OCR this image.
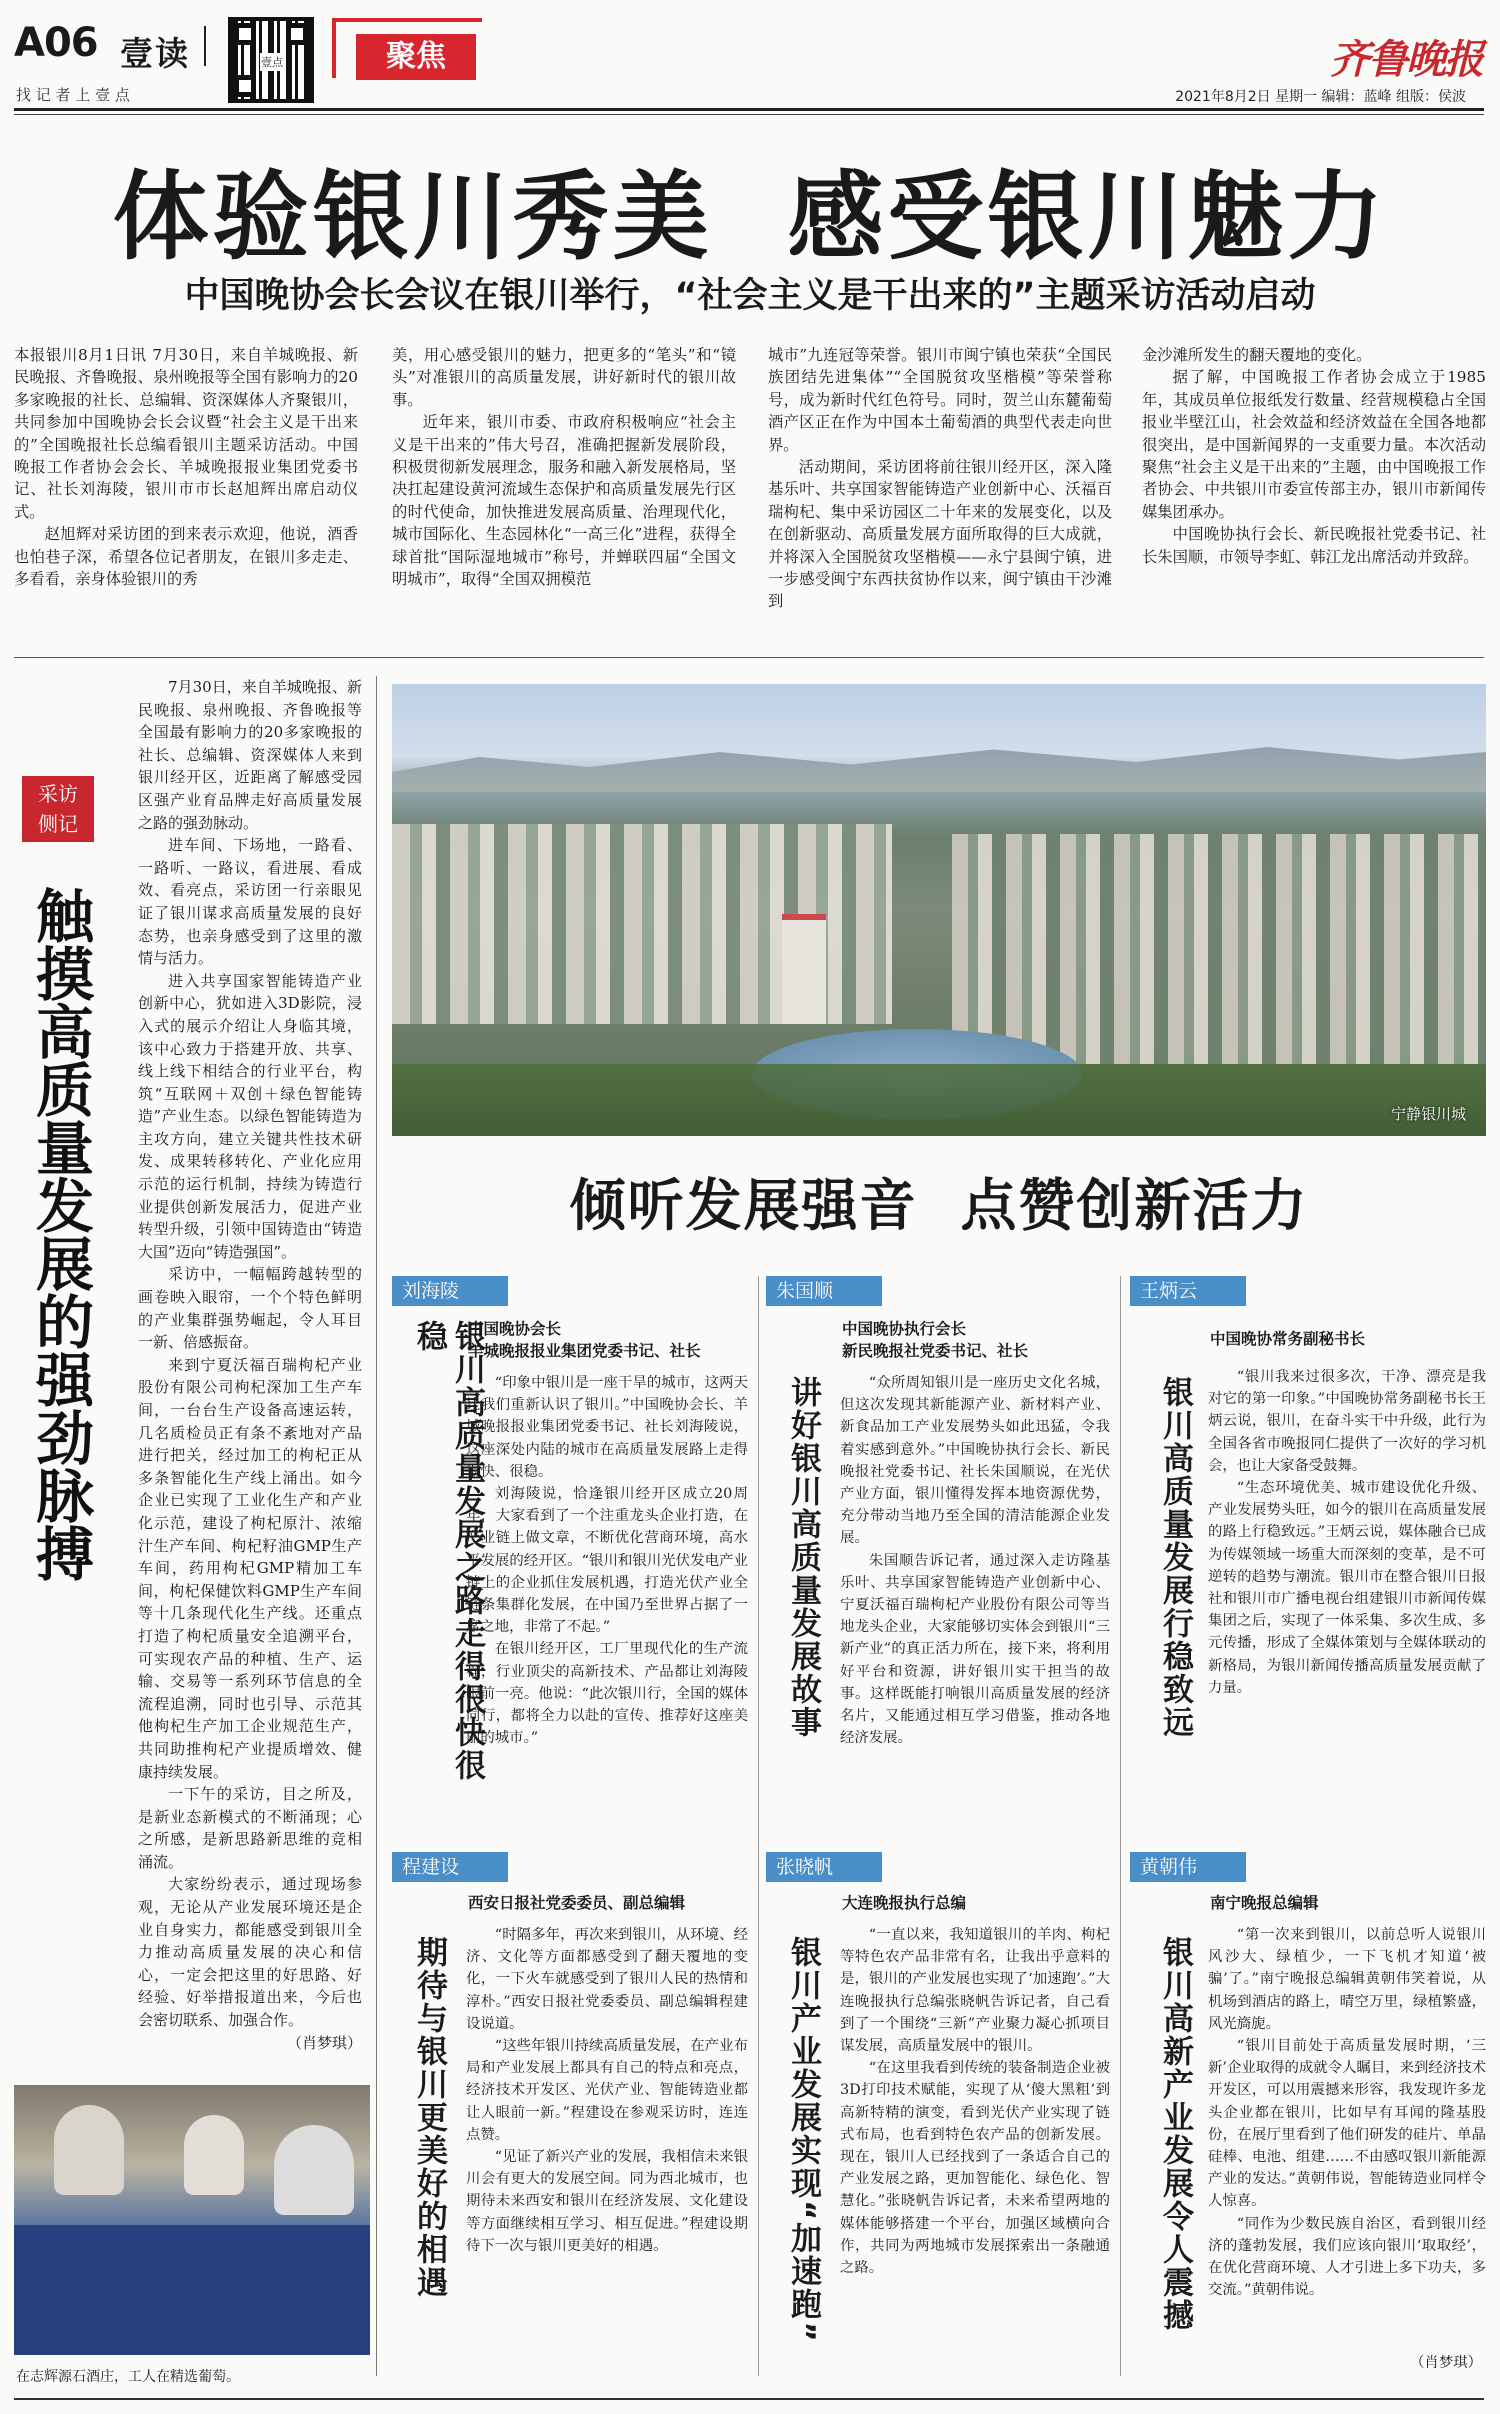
A06 壹读	壹点	聚焦
找 记 者 上 壹 点
齐鲁晚报
2021年8月2日 星期一 编辑：蓝峰 组版：侯波
体验银川秀美  感受银川魅力
中国晚协会长会议在银川举行，“社会主义是干出来的”主题采访活动启动

本报银川8月1日讯 7月30日，来自羊城晚报、新民晚报、齐鲁晚报、泉州晚报等全国有影响力的20多家晚报的社长、总编辑、资深媒体人齐聚银川，共同参加中国晚协会长会议暨“社会主义是干出来的”全国晚报社长总编看银川主题采访活动。中国晚报工作者协会会长、羊城晚报报业集团党委书记、社长刘海陵，银川市市长赵旭辉出席启动仪式。

赵旭辉对采访团的到来表示欢迎，他说，酒香也怕巷子深，希望各位记者朋友，在银川多走走、多看看，亲身体验银川的秀

美，用心感受银川的魅力，把更多的“笔头”和“镜头”对准银川的高质量发展，讲好新时代的银川故事。

近年来，银川市委、市政府积极响应“社会主义是干出来的”伟大号召，准确把握新发展阶段，积极贯彻新发展理念，服务和融入新发展格局，坚决扛起建设黄河流域生态保护和高质量发展先行区的时代使命，加快推进发展高质量、治理现代化，城市国际化、生态园林化“一高三化”进程，获得全球首批“国际湿地城市”称号，并蝉联四届“全国文明城市”，取得“全国双拥模范

城市”九连冠等荣誉。银川市闽宁镇也荣获“全国民族团结先进集体”“全国脱贫攻坚楷模”等荣誉称号，成为新时代红色符号。同时，贺兰山东麓葡萄酒产区正在作为中国本土葡萄酒的典型代表走向世界。

活动期间，采访团将前往银川经开区，深入隆基乐叶、共享国家智能铸造产业创新中心、沃福百瑞枸杞、集中采访园区二十年来的发展变化，以及在创新驱动、高质量发展方面所取得的巨大成就，并将深入全国脱贫攻坚楷模——永宁县闽宁镇，进一步感受闽宁东西扶贫协作以来，闽宁镇由干沙滩到

金沙滩所发生的翻天覆地的变化。

据了解，中国晚报工作者协会成立于1985年，其成员单位报纸发行数量、经营规模稳占全国报业半壁江山，社会效益和经济效益在全国各地都很突出，是中国新闻界的一支重要力量。本次活动聚焦“社会主义是干出来的”主题，由中国晚报工作者协会、中共银川市委宣传部主办，银川市新闻传媒集团承办。

中国晚协执行会长、新民晚报社党委书记、社长朱国顺，市领导李虹、韩江龙出席活动并致辞。

采访侧记
触摸高质量发展的强劲脉搏

7月30日，来自羊城晚报、新民晚报、泉州晚报、齐鲁晚报等全国最有影响力的20多家晚报的社长、总编辑、资深媒体人来到银川经开区，近距离了解感受园区强产业育品牌走好高质量发展之路的强劲脉动。

进车间、下场地，一路看、一路听、一路议，看进展、看成效、看亮点，采访团一行亲眼见证了银川谋求高质量发展的良好态势，也亲身感受到了这里的激情与活力。

进入共享国家智能铸造产业创新中心，犹如进入3D影院，浸入式的展示介绍让人身临其境，该中心致力于搭建开放、共享、线上线下相结合的行业平台，构筑“互联网＋双创＋绿色智能铸造”产业生态。以绿色智能铸造为主攻方向，建立关键共性技术研发、成果转移转化、产业化应用示范的运行机制，持续为铸造行业提供创新发展活力，促进产业转型升级，引领中国铸造由“铸造大国”迈向“铸造强国”。

采访中，一幅幅跨越转型的画卷映入眼帘，一个个特色鲜明的产业集群强势崛起，令人耳目一新、倍感振奋。

来到宁夏沃福百瑞枸杞产业股份有限公司枸杞深加工生产车间，一台台生产设备高速运转，几名质检员正有条不紊地对产品进行把关，经过加工的枸杞正从多条智能化生产线上涌出。如今企业已实现了工业化生产和产业化示范，建设了枸杞原汁、浓缩汁生产车间、枸杞籽油GMP生产车间，药用枸杞GMP精加工车间，枸杞保健饮料GMP生产车间等十几条现代化生产线。还重点打造了枸杞质量安全追溯平台，可实现农产品的种植、生产、运输、交易等一系列环节信息的全流程追溯，同时也引导、示范其他枸杞生产加工企业规范生产，共同助推枸杞产业提质增效、健康持续发展。

一下午的采访，目之所及，是新业态新模式的不断涌现；心之所感，是新思路新思维的竞相涌流。

大家纷纷表示，通过现场参观，无论从产业发展环境还是企业自身实力，都能感受到银川全力推动高质量发展的决心和信心，一定会把这里的好思路、好经验、好举措报道出来，今后也会密切联系、加强合作。

（肖梦琪）

在志辉源石酒庄，工人在精选葡萄。
宁静银川城
倾听发展强音  点赞创新活力
刘海陵
中国晚协会长
羊城晚报报业集团党委书记、社长
银川高质量发展之路走得很快很稳

“印象中银川是一座干旱的城市，这两天让我们重新认识了银川。”中国晚协会长、羊城晚报报业集团党委书记、社长刘海陵说，这座深处内陆的城市在高质量发展路上走得很快、很稳。

刘海陵说，恰逢银川经开区成立20周年，大家看到了一个注重龙头企业打造，在产业链上做文章，不断优化营商环境，高水平发展的经开区。“银川和银川光伏发电产业链上的企业抓住发展机遇，打造光伏产业全链条集群化发展，在中国乃至世界占据了一席之地，非常了不起。”

在银川经开区，工厂里现代化的生产流程，行业顶尖的高新技术、产品都让刘海陵眼前一亮。他说：“此次银川行，全国的媒体同行，都将全力以赴的宣传、推荐好这座美丽的城市。”

朱国顺
中国晚协执行会长
新民晚报社党委书记、社长
讲好银川高质量发展故事	“众所周知银川是一座历史文化名城，但这次发现其新能源产业、新材料产业、新食品加工产业发展势头如此迅猛，令我着实感到意外。”中国晚协执行会长、新民晚报社党委书记、社长朱国顺说，在光伏产业方面，银川懂得发挥本地资源优势，充分带动当地乃至全国的清洁能源企业发展。

朱国顺告诉记者，通过深入走访隆基乐叶、共享国家智能铸造产业创新中心、宁夏沃福百瑞枸杞产业股份有限公司等当地龙头企业，大家能够切实体会到银川“三新产业”的真正活力所在，接下来，将利用好平台和资源，讲好银川实干担当的故事。这样既能打响银川高质量发展的经济名片，又能通过相互学习借鉴，推动各地经济发展。

王炳云
中国晚协常务副秘书长
银川高质量发展行稳致远	“银川我来过很多次，干净、漂亮是我对它的第一印象。”中国晚协常务副秘书长王炳云说，银川，在奋斗实干中升级，此行为全国各省市晚报同仁提供了一次好的学习机会，也让大家备受鼓舞。

“生态环境优美、城市建设优化升级、产业发展势头旺，如今的银川在高质量发展的路上行稳致远。”王炳云说，媒体融合已成为传媒领域一场重大而深刻的变革，是不可逆转的趋势与潮流。银川市在整合银川日报社和银川市广播电视台组建银川市新闻传媒集团之后，实现了一体采集、多次生成、多元传播，形成了全媒体策划与全媒体联动的新格局，为银川新闻传播高质量发展贡献了力量。

程建设
西安日报社党委委员、副总编辑
期待与银川更美好的相遇

“时隔多年，再次来到银川，从环境、经济、文化等方面都感受到了翻天覆地的变化，一下火车就感受到了银川人民的热情和淳朴。”西安日报社党委委员、副总编辑程建设说道。

“这些年银川持续高质量发展，在产业布局和产业发展上都具有自己的特点和亮点，经济技术开发区、光伏产业、智能铸造业都让人眼前一新。”程建设在参观采访时，连连点赞。

“见证了新兴产业的发展，我相信未来银川会有更大的发展空间。同为西北城市，也期待未来西安和银川在经济发展、文化建设等方面继续相互学习、相互促进。”程建设期待下一次与银川更美好的相遇。

张晓帆
大连晚报执行总编
银川产业发展实现“加速跑”

“一直以来，我知道银川的羊肉、枸杞等特色农产品非常有名，让我出乎意料的是，银川的产业发展也实现了‘加速跑’。”大连晚报执行总编张晓帆告诉记者，自己看到了一个围绕“三新”产业聚力凝心抓项目谋发展，高质量发展中的银川。

“在这里我看到传统的装备制造企业被3D打印技术赋能，实现了从‘傻大黑粗’到高新特精的演变，看到光伏产业实现了链式布局，也看到特色农产品的创新发展。现在，银川人已经找到了一条适合自己的产业发展之路，更加智能化、绿色化、智慧化。”张晓帆告诉记者，未来希望两地的媒体能够搭建一个平台，加强区域横向合作，共同为两地城市发展探索出一条融通之路。

黄朝伟
南宁晚报总编辑
银川高新产业发展令人震撼

“第一次来到银川，以前总听人说银川风沙大、绿植少，一下飞机才知道‘被骗’了。”南宁晚报总编辑黄朝伟笑着说，从机场到酒店的路上，晴空万里，绿植繁盛，风光旖旎。

“银川目前处于高质量发展时期，‘三新’企业取得的成就令人瞩目，来到经济技术开发区，可以用震撼来形容，我发现许多龙头企业都在银川，比如早有耳闻的隆基股份，在展厅里看到了他们研发的硅片、单晶硅棒、电池、组建……不由感叹银川新能源产业的发达。”黄朝伟说，智能铸造业同样令人惊喜。

“同作为少数民族自治区，看到银川经济的蓬勃发展，我们应该向银川‘取取经’，在优化营商环境、人才引进上多下功夫，多交流。”黄朝伟说。

（肖梦琪）
